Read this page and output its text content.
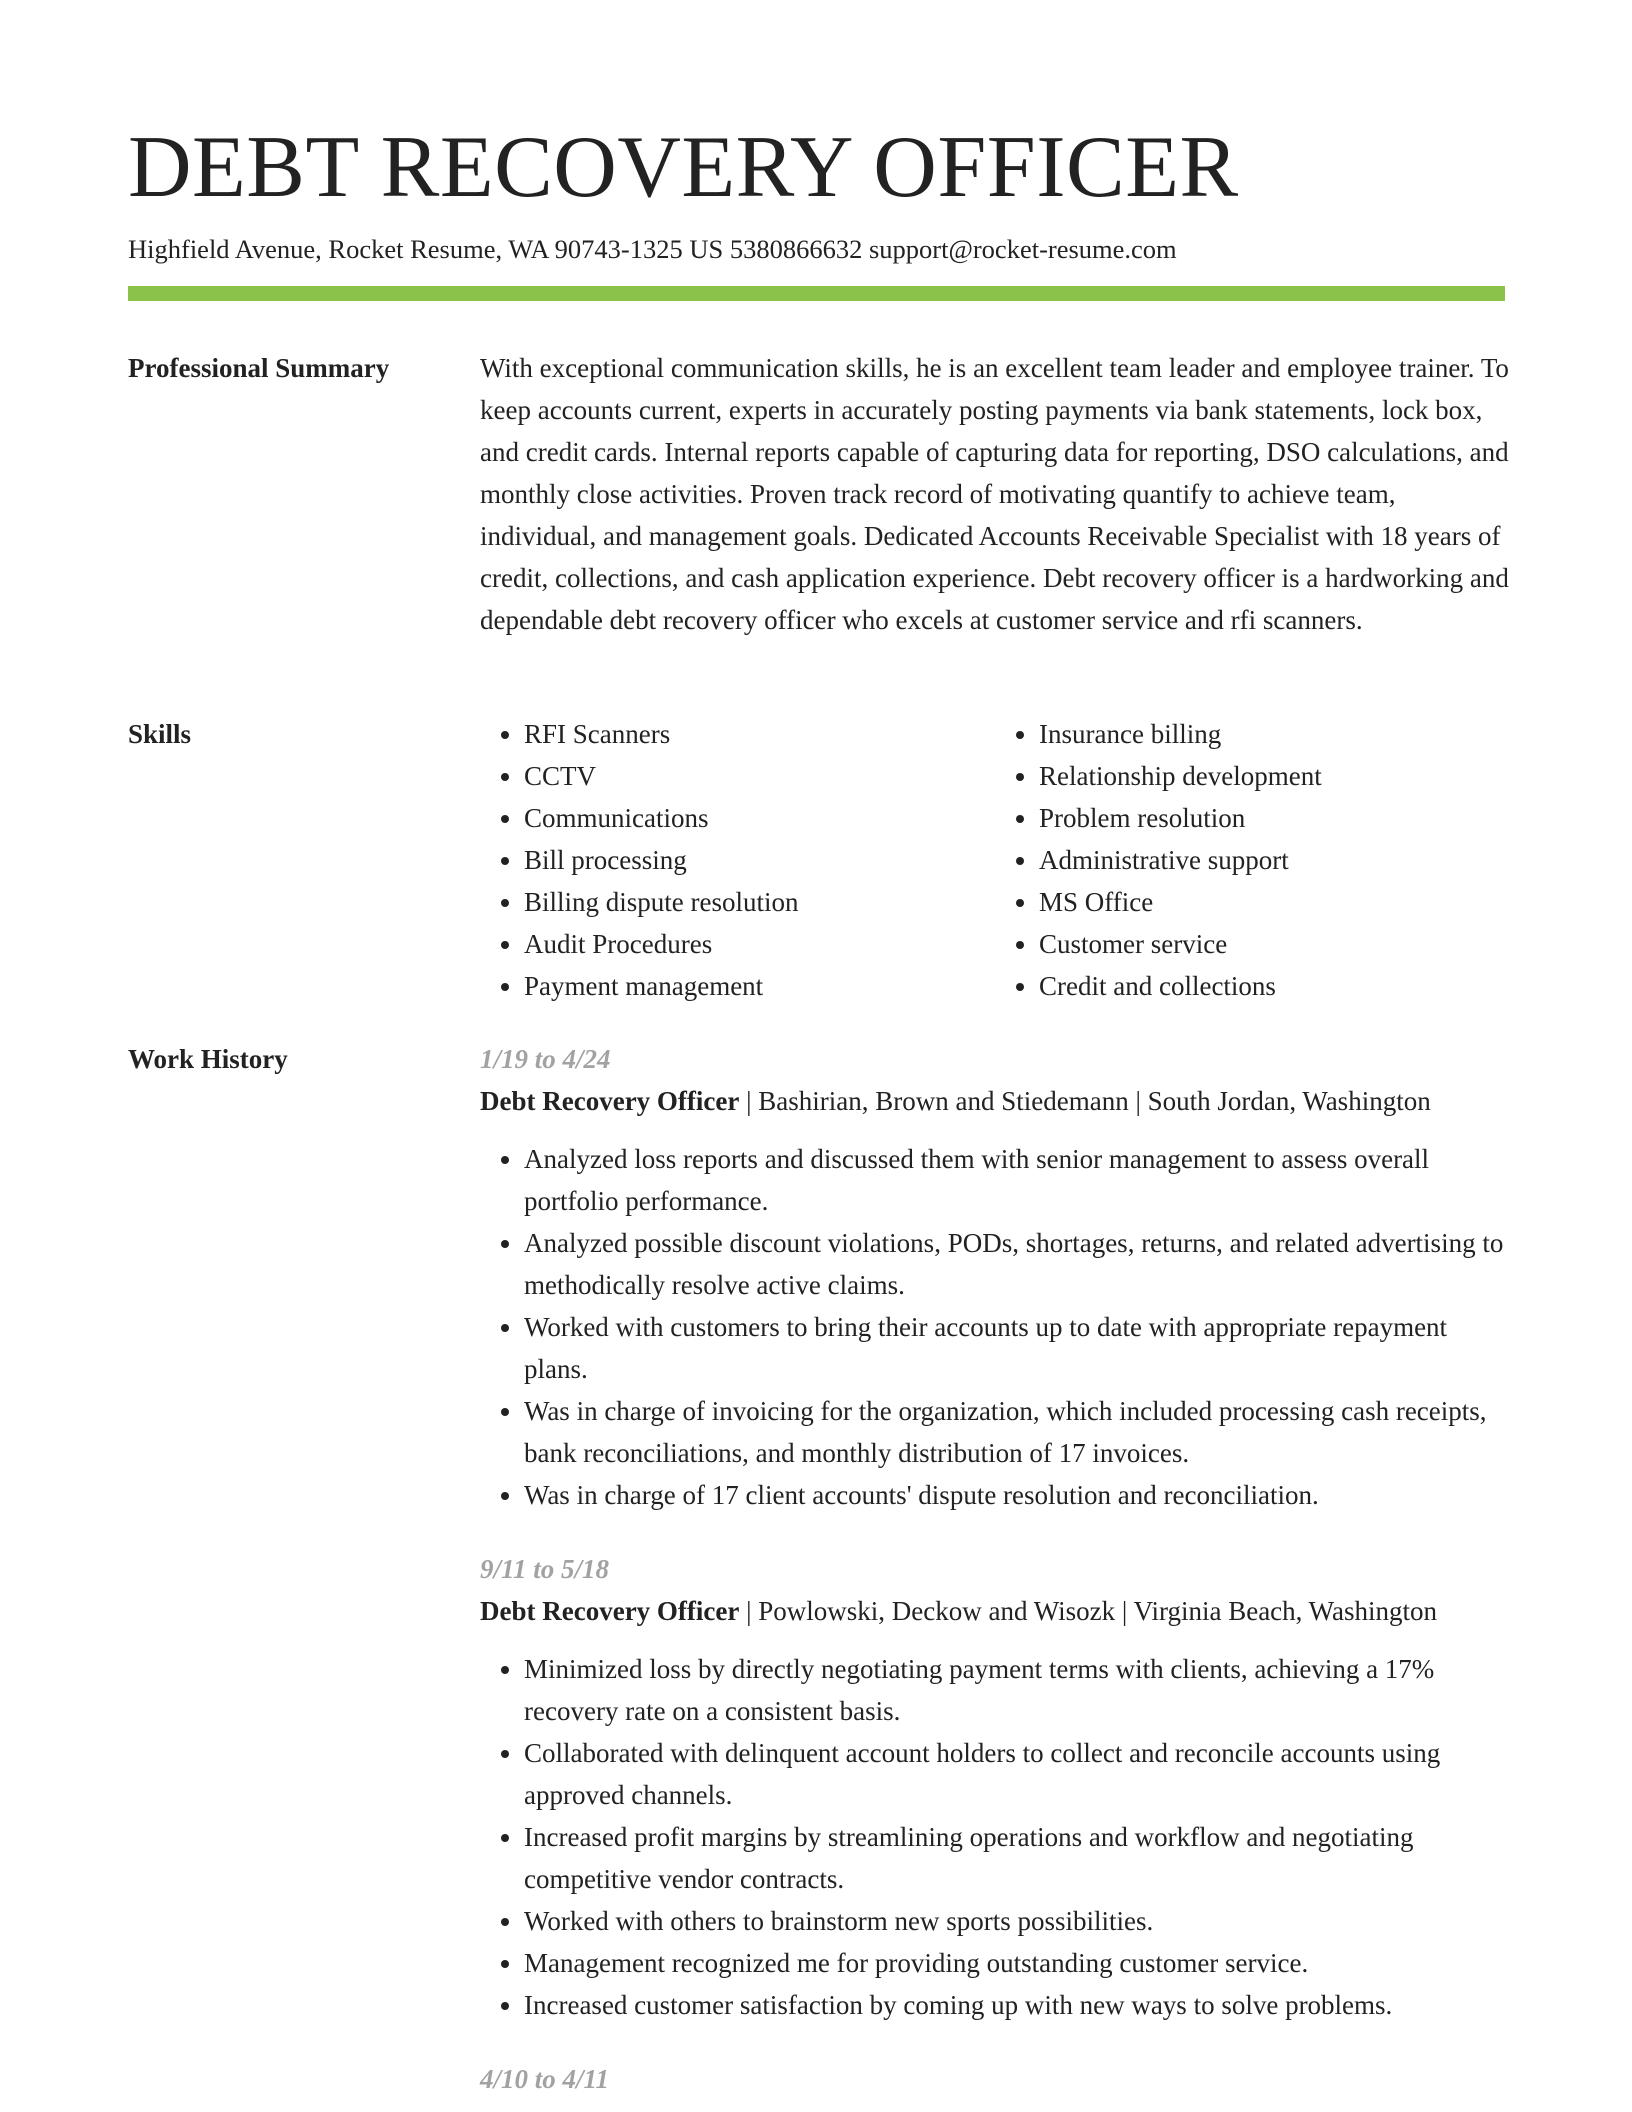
DEBT RECOVERY OFFICER
Highfield Avenue, Rocket Resume, WA 90743-1325 US 5380866632 support@rocket-resume.com
Professional Summary	With exceptional communication skills, he is an excellent team leader and employee trainer. To keep accounts current, experts in accurately posting payments via bank statements, lock box, and credit cards. Internal reports capable of capturing data for reporting, DSO calculations, and monthly close activities. Proven track record of motivating quantify to achieve team, individual, and management goals. Dedicated Accounts Receivable Specialist with 18 years of credit, collections, and cash application experience. Debt recovery officer is a hardworking and dependable debt recovery officer who excels at customer service and rfi scanners.

Skills
•	RFI Scanners
• CCTV
• Communications
• Bill processing
• Billing dispute resolution
• Audit Procedures
• Payment management
• Insurance billing
• Relationship development
• Problem resolution
• Administrative support
• MS Office
• Customer service
• Credit and collections
Work History	1/19 to 4/24

Debt Recovery Officer | Bashirian, Brown and Stiedemann | South Jordan, Washington

• Analyzed loss reports and discussed them with senior management to assess overall portfolio performance.
• Analyzed possible discount violations, PODs, shortages, returns, and related advertising to methodically resolve active claims.
• Worked with customers to bring their accounts up to date with appropriate repayment plans.
• Was in charge of invoicing for the organization, which included processing cash receipts, bank reconciliations, and monthly distribution of 17 invoices.
• Was in charge of 17 client accounts' dispute resolution and reconciliation.

9/11 to 5/18

Debt Recovery Officer | Powlowski, Deckow and Wisozk | Virginia Beach, Washington

• Minimized loss by directly negotiating payment terms with clients, achieving a 17% recovery rate on a consistent basis.
• Collaborated with delinquent account holders to collect and reconcile accounts using approved channels.
• Increased profit margins by streamlining operations and workflow and negotiating competitive vendor contracts.
• Worked with others to brainstorm new sports possibilities.
• Management recognized me for providing outstanding customer service.
• Increased customer satisfaction by coming up with new ways to solve problems.

4/10 to 4/11
